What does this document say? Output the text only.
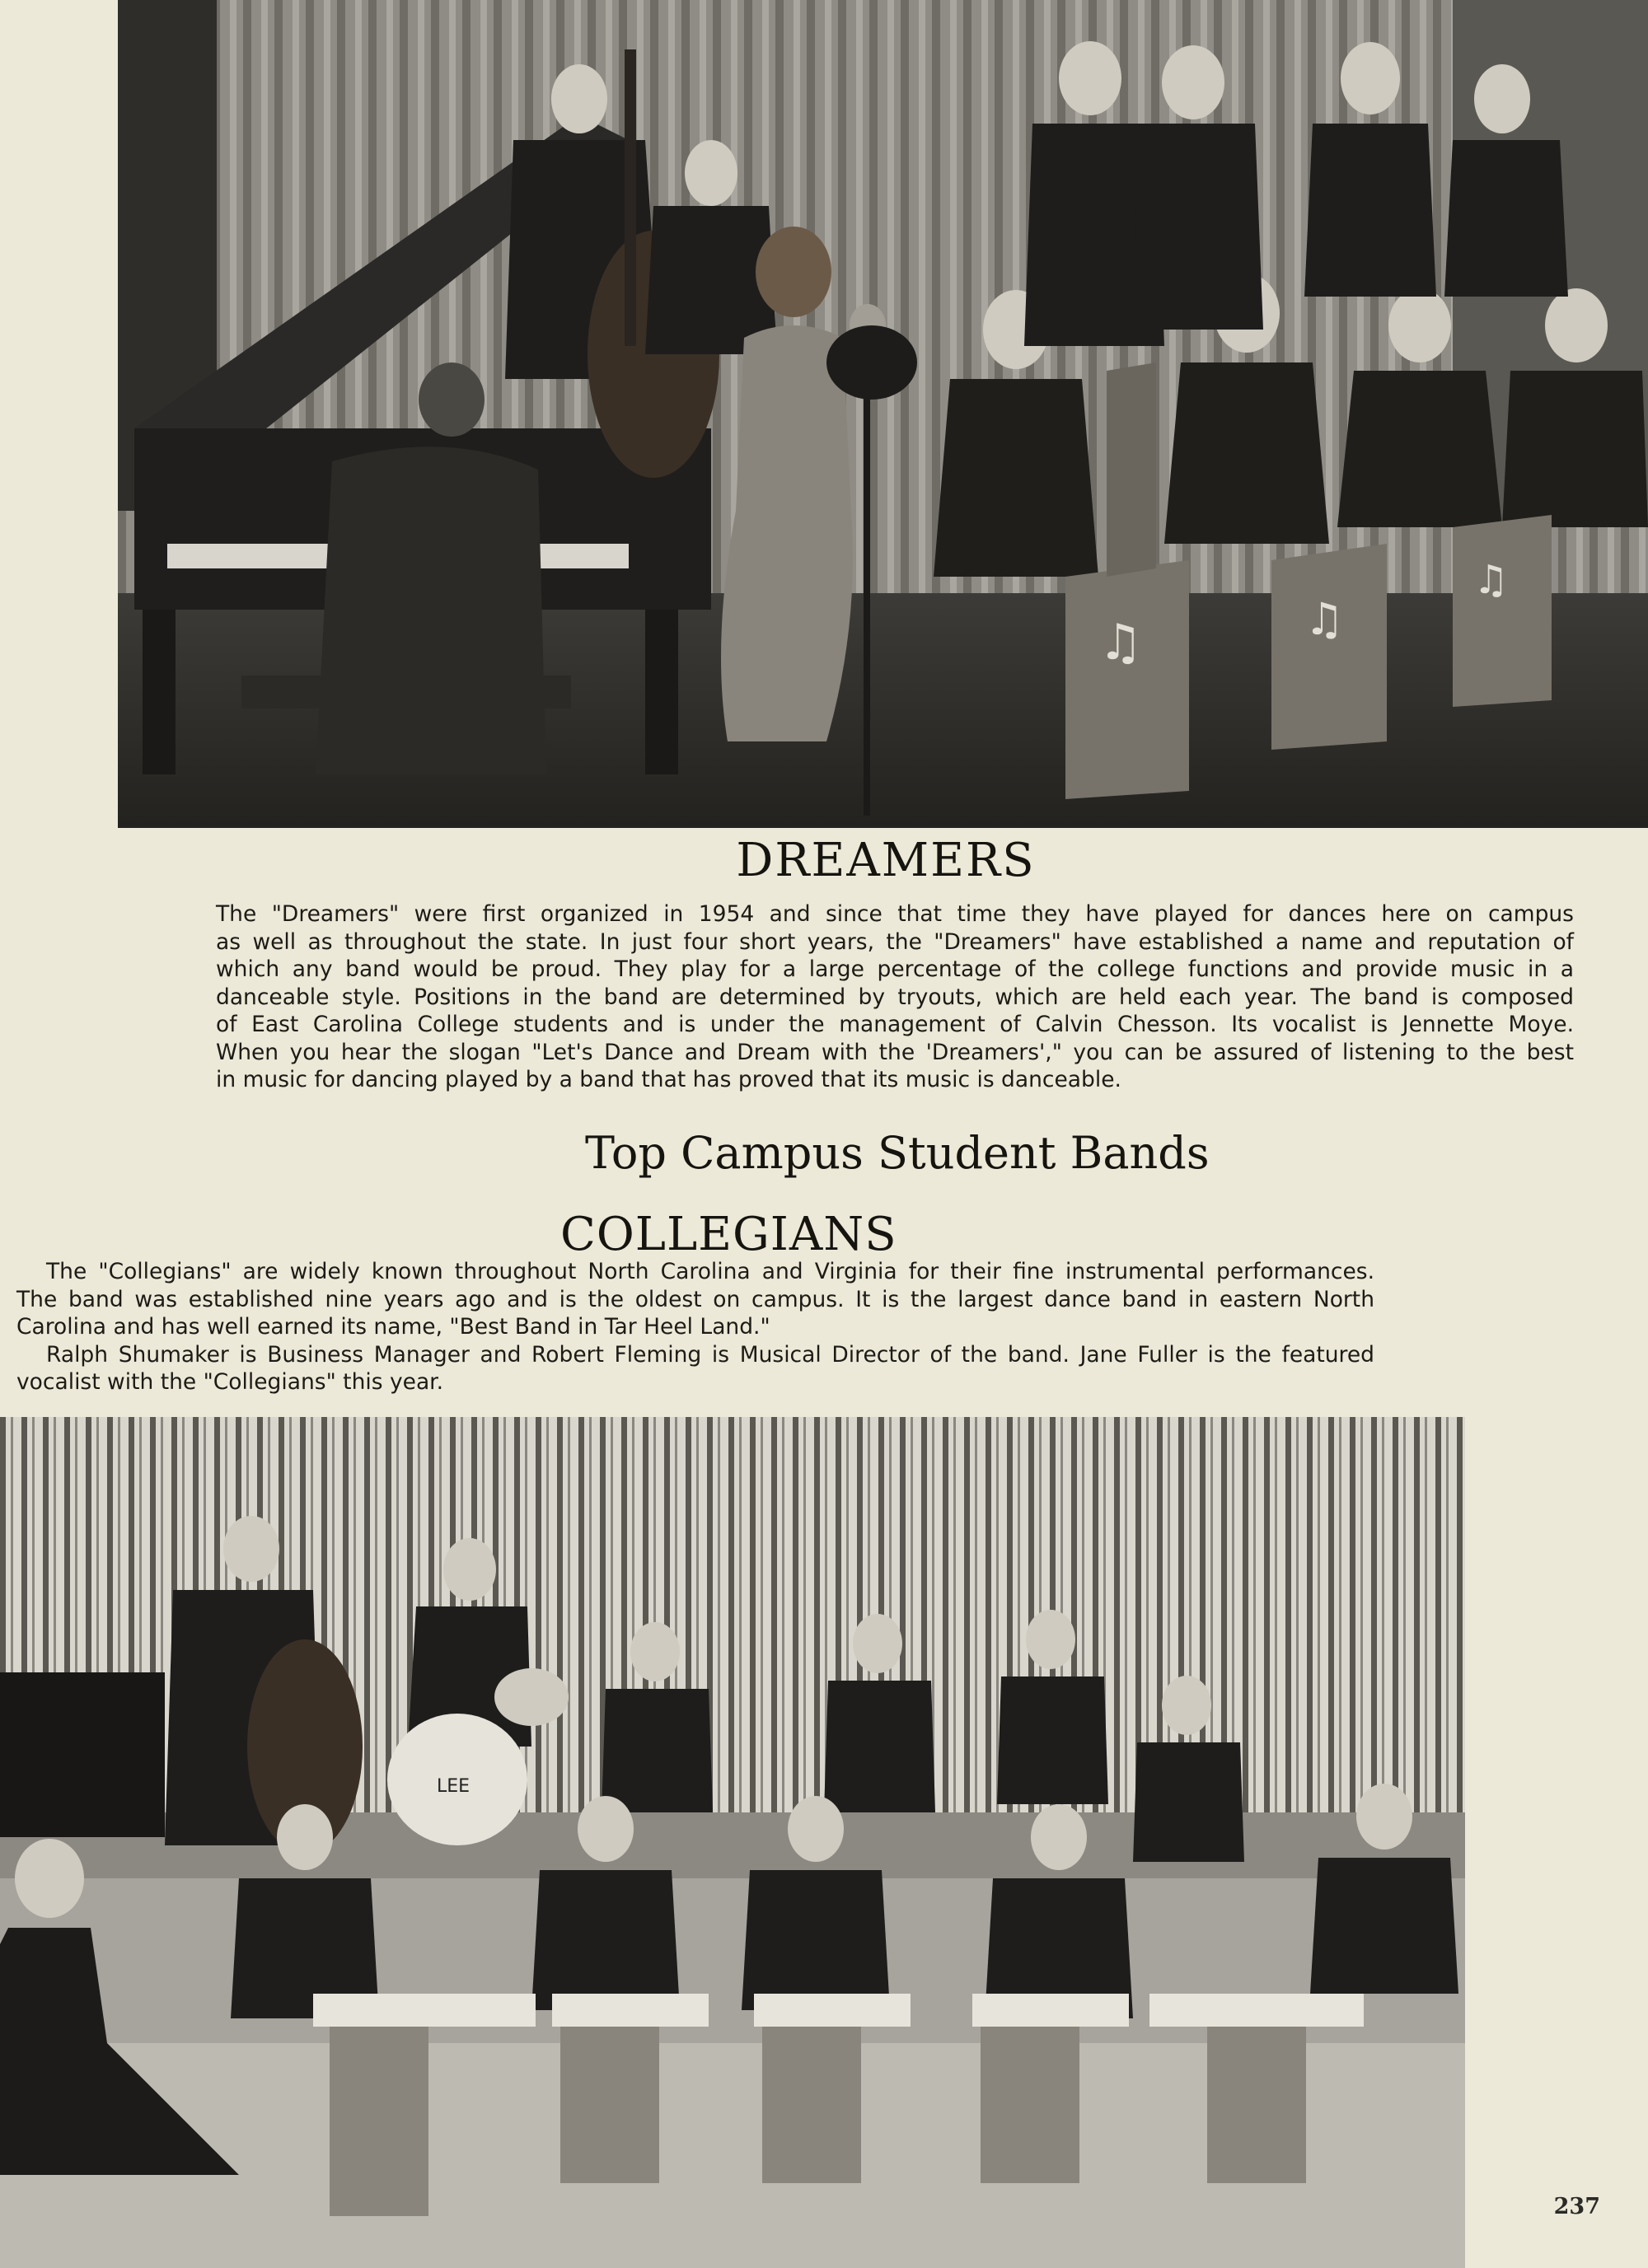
♫	♫
♫
DREAMERS
The "Dreamers" were first organized in 1954 and since that time they have played for dances here on campus
as well as throughout the state. In just four short years, the "Dreamers" have established a name and reputation of
which any band would be proud. They play for a large percentage of the college functions and provide music in a
danceable style. Positions in the band are determined by tryouts, which are held each year. The band is composed
of East Carolina College students and is under the management of Calvin Chesson. Its vocalist is Jennette Moye.
When you hear the slogan "Let's Dance and Dream with the 'Dreamers'," you can be assured of listening to the best
in music for dancing played by a band that has proved that its music is danceable.
Top Campus Student Bands
COLLEGIANS
The "Collegians" are widely known throughout North Carolina and Virginia for their fine instrumental performances.
The band was established nine years ago and is the oldest on campus. It is the largest dance band in eastern North
Carolina and has well earned its name, "Best Band in Tar Heel Land."
Ralph Shumaker is Business Manager and Robert Fleming is Musical Director of the band. Jane Fuller is the featured
vocalist with the "Collegians" this year.
LEE
237
